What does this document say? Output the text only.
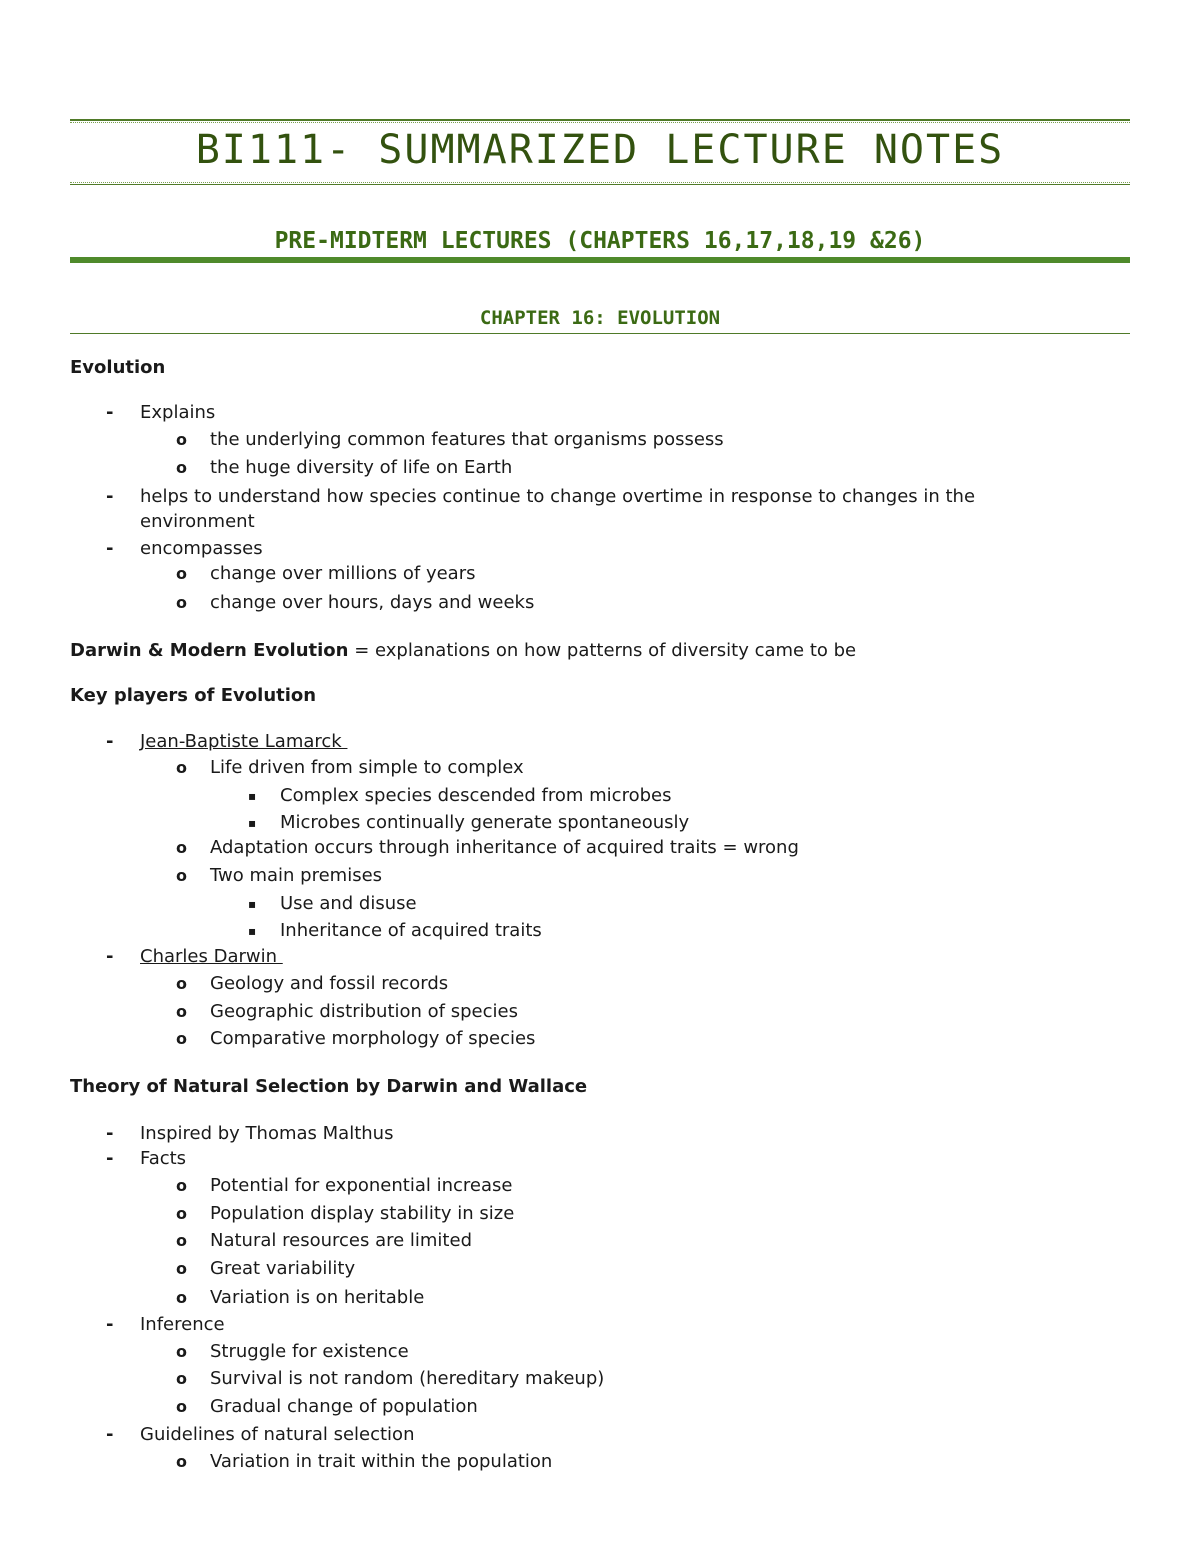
BI111- SUMMARIZED LECTURE NOTES
PRE-MIDTERM LECTURES (CHAPTERS 16,17,18,19 &26)
CHAPTER 16: EVOLUTION
Evolution
- Explains
o the underlying common features that organisms possess
o the huge diversity of life on Earth
- helps to understand how species continue to change overtime in response to changes in the
environment
- encompasses
o change over millions of years
o change over hours, days and weeks
Darwin & Modern Evolution = explanations on how patterns of diversity came to be
Key players of Evolution
- Jean-Baptiste Lamarck
o Life driven from simple to complex
▪ Complex species descended from microbes
▪ Microbes continually generate spontaneously
o Adaptation occurs through inheritance of acquired traits = wrong
o Two main premises
▪ Use and disuse
▪ Inheritance of acquired traits
- Charles Darwin
o Geology and fossil records
o Geographic distribution of species
o Comparative morphology of species
Theory of Natural Selection by Darwin and Wallace
- Inspired by Thomas Malthus
- Facts
o Potential for exponential increase
o Population display stability in size
o Natural resources are limited
o Great variability
o Variation is on heritable
- Inference
o Struggle for existence
o Survival is not random (hereditary makeup)
o Gradual change of population
- Guidelines of natural selection
o Variation in trait within the population
